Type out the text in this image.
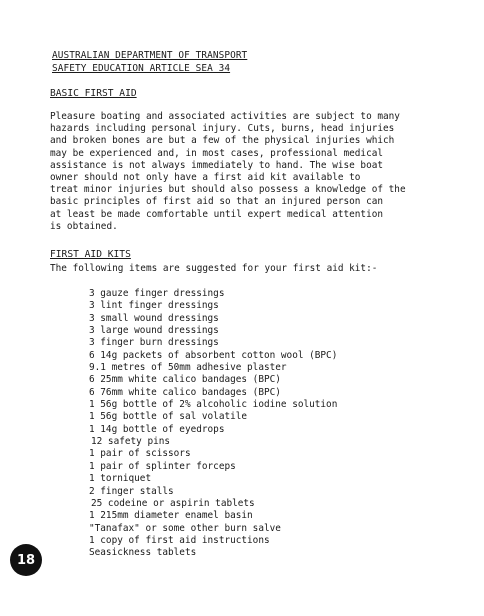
AUSTRALIAN DEPARTMENT OF TRANSPORT
SAFETY EDUCATION ARTICLE SEA 34
BASIC FIRST AID
Pleasure boating and associated activities are subject to many
hazards including personal injury. Cuts, burns, head injuries
and broken bones are but a few of the physical injuries which
may be experienced and, in most cases, professional medical
assistance is not always immediately to hand. The wise boat
owner should not only have a first aid kit available to
treat minor injuries but should also possess a knowledge of the
basic principles of first aid so that an injured person can
at least be made comfortable until expert medical attention
is obtained.
FIRST AID KITS
The following items are suggested for your first aid kit:-
3 gauze finger dressings
3 lint finger dressings
3 small wound dressings
3 large wound dressings
3 finger burn dressings
6 14g packets of absorbent cotton wool (BPC)
9.1 metres of 50mm adhesive plaster
6 25mm white calico bandages (BPC)
6 76mm white calico bandages (BPC)
1 56g bottle of 2% alcoholic iodine solution
1 56g bottle of sal volatile
1 14g bottle of eyedrops
12 safety pins
1 pair of scissors
1 pair of splinter forceps
1 torniquet
2 finger stalls
25 codeine or aspirin tablets
1 215mm diameter enamel basin
"Tanafax" or some other burn salve
1 copy of first aid instructions
Seasickness tablets
18
